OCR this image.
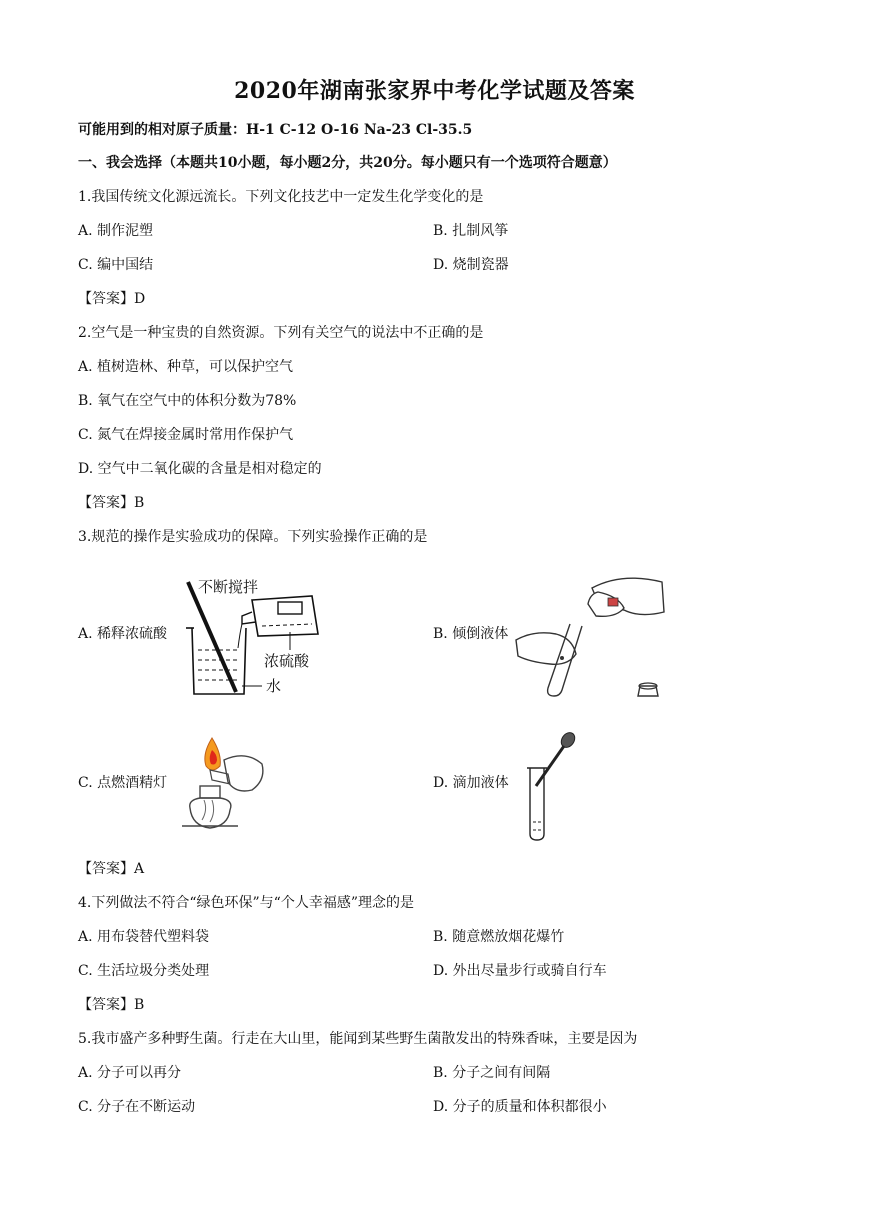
2020年湖南张家界中考化学试题及答案
可能用到的相对原子质量：H-1 C-12 O-16 Na-23 Cl-35.5
一、我会选择（本题共10小题，每小题2分，共20分。每小题只有一个选项符合题意）
1.我国传统文化源远流长。下列文化技艺中一定发生化学变化的是
A. 制作泥塑	B. 扎制风筝
C. 编中国结	D. 烧制瓷器
【答案】D
2.空气是一种宝贵的自然资源。下列有关空气的说法中不正确的是
A. 植树造林、种草，可以保护空气
B. 氧气在空气中的体积分数为78%
C. 氮气在焊接金属时常用作保护气
D. 空气中二氧化碳的含量是相对稳定的
【答案】B
3.规范的操作是实验成功的保障。下列实验操作正确的是
A. 稀释浓硫酸	B. 倾倒液体
C. 点燃酒精灯	D. 滴加液体
不断搅拌
浓硫酸
水
【答案】A
4.下列做法不符合“绿色环保”与“个人幸福感”理念的是
A. 用布袋替代塑料袋	B. 随意燃放烟花爆竹
C. 生活垃圾分类处理	D. 外出尽量步行或骑自行车
【答案】B
5.我市盛产多种野生菌。行走在大山里，能闻到某些野生菌散发出的特殊香味，主要是因为
A. 分子可以再分	B. 分子之间有间隔
C. 分子在不断运动	D. 分子的质量和体积都很小
